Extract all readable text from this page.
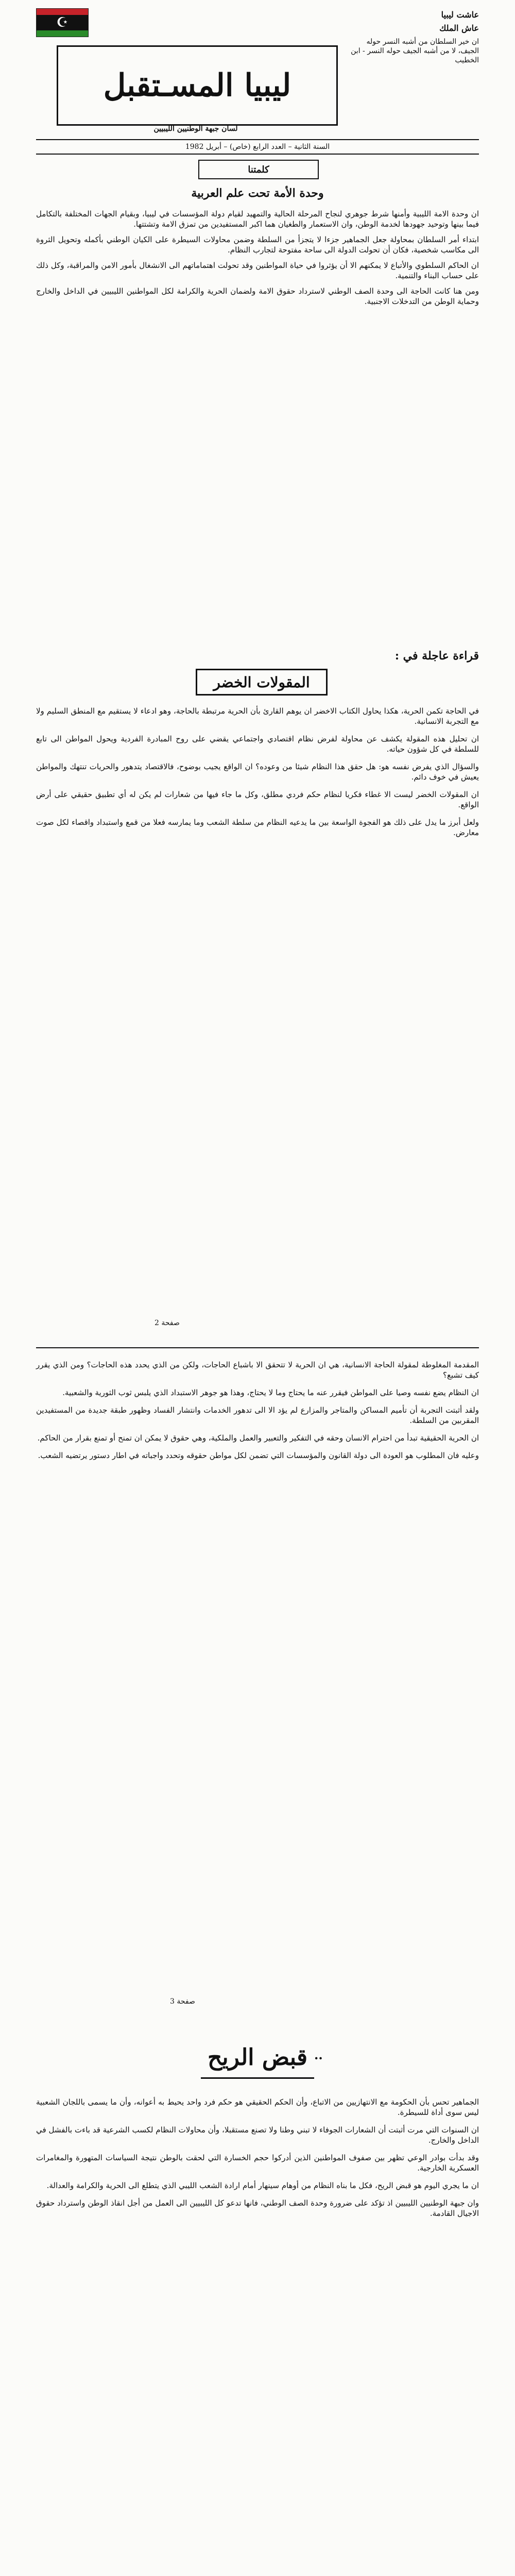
☪
عاشت ليبيا
عاش الملك
ان خير السلطان من أشبه النسر حوله الجيف، لا من أشبه الجيف حوله النسر - ابن الخطيب
ليبيا المسـتقبل
لسان جبهة الوطنيين الليبيين
السنة الثانية – العدد الرابع (خاص) – أبريل 1982
كلمتنا
وحدة الأمة تحت علم العربية

ان وحدة الامة الليبية وأمنها شرط جوهري لنجاح المرحلة الحالية والتمهيد لقيام دولة المؤسسات في ليبيا، وبقيام الجهات المختلفة بالتكامل فيما بينها وتوحيد جهودها لخدمة الوطن، وان الاستعمار والطغيان هما اكبر المستفيدين من تمزق الامة وتشتتها.

ابتداء أمر السلطان بمحاولة جعل الجماهير جزءا لا يتجزأ من السلطة وضمن محاولات السيطرة على الكيان الوطني بأكمله وتحويل الثروة الى مكاسب شخصية، فكان أن تحولت الدولة الى ساحة مفتوحة لتجارب النظام.

ان الحاكم السلطوي والأتباع لا يمكنهم الا أن يؤثروا في حياة المواطنين وقد تحولت اهتماماتهم الى الانشغال بأمور الامن والمراقبة، وكل ذلك على حساب البناء والتنمية.

ومن هنا كانت الحاجة الى وحدة الصف الوطني لاسترداد حقوق الامة ولضمان الحرية والكرامة لكل المواطنين الليبيين في الداخل والخارج وحماية الوطن من التدخلات الاجنبية.

قراءة عاجلة في :
المقولات الخضر

في الحاجة تكمن الحرية، هكذا يحاول الكتاب الاخضر ان يوهم القارئ بأن الحرية مرتبطة بالحاجة، وهو ادعاء لا يستقيم مع المنطق السليم ولا مع التجربة الانسانية.

ان تحليل هذه المقولة يكشف عن محاولة لفرض نظام اقتصادي واجتماعي يقضي على روح المبادرة الفردية ويحول المواطن الى تابع للسلطة في كل شؤون حياته.

والسؤال الذي يفرض نفسه هو: هل حقق هذا النظام شيئا من وعوده؟ ان الواقع يجيب بوضوح، فالاقتصاد يتدهور والحريات تنتهك والمواطن يعيش في خوف دائم.

ان المقولات الخضر ليست الا غطاء فكريا لنظام حكم فردي مطلق، وكل ما جاء فيها من شعارات لم يكن له أي تطبيق حقيقي على أرض الواقع.

ولعل أبرز ما يدل على ذلك هو الفجوة الواسعة بين ما يدعيه النظام من سلطة الشعب وما يمارسه فعلا من قمع واستبداد واقصاء لكل صوت معارض.

صفحة 2

المقدمة المغلوطة لمقولة الحاجة الانسانية، هي ان الحرية لا تتحقق الا باشباع الحاجات، ولكن من الذي يحدد هذه الحاجات؟ ومن الذي يقرر كيف تشبع؟

ان النظام يضع نفسه وصيا على المواطن فيقرر عنه ما يحتاج وما لا يحتاج، وهذا هو جوهر الاستبداد الذي يلبس ثوب الثورية والشعبية.

ولقد أثبتت التجربة أن تأميم المساكن والمتاجر والمزارع لم يؤد الا الى تدهور الخدمات وانتشار الفساد وظهور طبقة جديدة من المستفيدين المقربين من السلطة.

ان الحرية الحقيقية تبدأ من احترام الانسان وحقه في التفكير والتعبير والعمل والملكية، وهي حقوق لا يمكن ان تمنح أو تمنع بقرار من الحاكم.

وعليه فان المطلوب هو العودة الى دولة القانون والمؤسسات التي تضمن لكل مواطن حقوقه وتحدد واجباته في اطار دستور يرتضيه الشعب.

صفحة 3
قبض الريح ..

الجماهير تحس بأن الحكومة مع الانتهازيين من الاتباع، وأن الحكم الحقيقي هو حكم فرد واحد يحيط به أعوانه، وأن ما يسمى باللجان الشعبية ليس سوى أداة للسيطرة.

ان السنوات التي مرت أثبتت أن الشعارات الجوفاء لا تبني وطنا ولا تصنع مستقبلا، وأن محاولات النظام لكسب الشرعية قد باءت بالفشل في الداخل والخارج.

وقد بدأت بوادر الوعي تظهر بين صفوف المواطنين الذين أدركوا حجم الخسارة التي لحقت بالوطن نتيجة السياسات المتهورة والمغامرات العسكرية الخارجية.

ان ما يجري اليوم هو قبض الريح، فكل ما بناه النظام من أوهام سينهار أمام ارادة الشعب الليبي الذي يتطلع الى الحرية والكرامة والعدالة.

وان جبهة الوطنيين الليبيين اذ تؤكد على ضرورة وحدة الصف الوطني، فانها تدعو كل الليبيين الى العمل من أجل انقاذ الوطن واسترداد حقوق الاجيال القادمة.
